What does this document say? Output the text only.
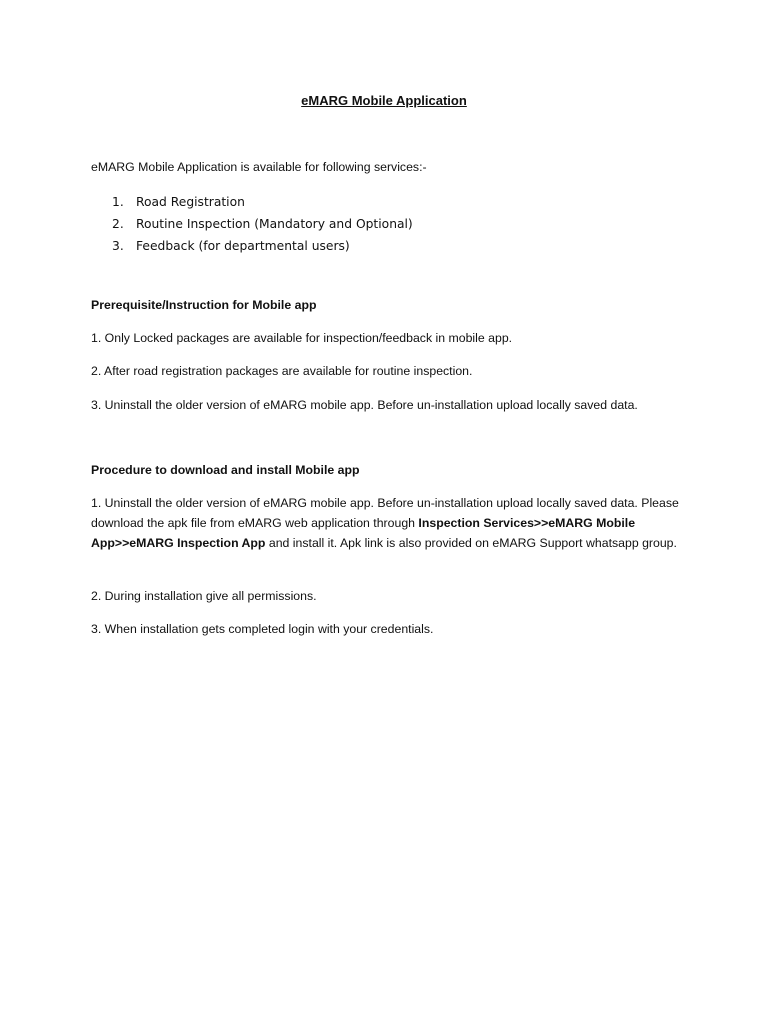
eMARG Mobile Application

eMARG Mobile Application is available for following services:-

1. Road Registration
2. Routine Inspection (Mandatory and Optional)
3. Feedback (for departmental users)

Prerequisite/Instruction for Mobile app

1. Only Locked packages are available for inspection/feedback in mobile app.

2. After road registration packages are available for routine inspection.

3. Uninstall the older version of eMARG mobile app. Before un-installation upload locally saved data.

Procedure to download and install Mobile app

1. Uninstall the older version of eMARG mobile app. Before un-installation upload locally saved data. Please download the apk file from eMARG web application through Inspection Services>>eMARG Mobile App>>eMARG Inspection App and install it. Apk link is also provided on eMARG Support whatsapp group.

2. During installation give all permissions.

3. When installation gets completed login with your credentials.
